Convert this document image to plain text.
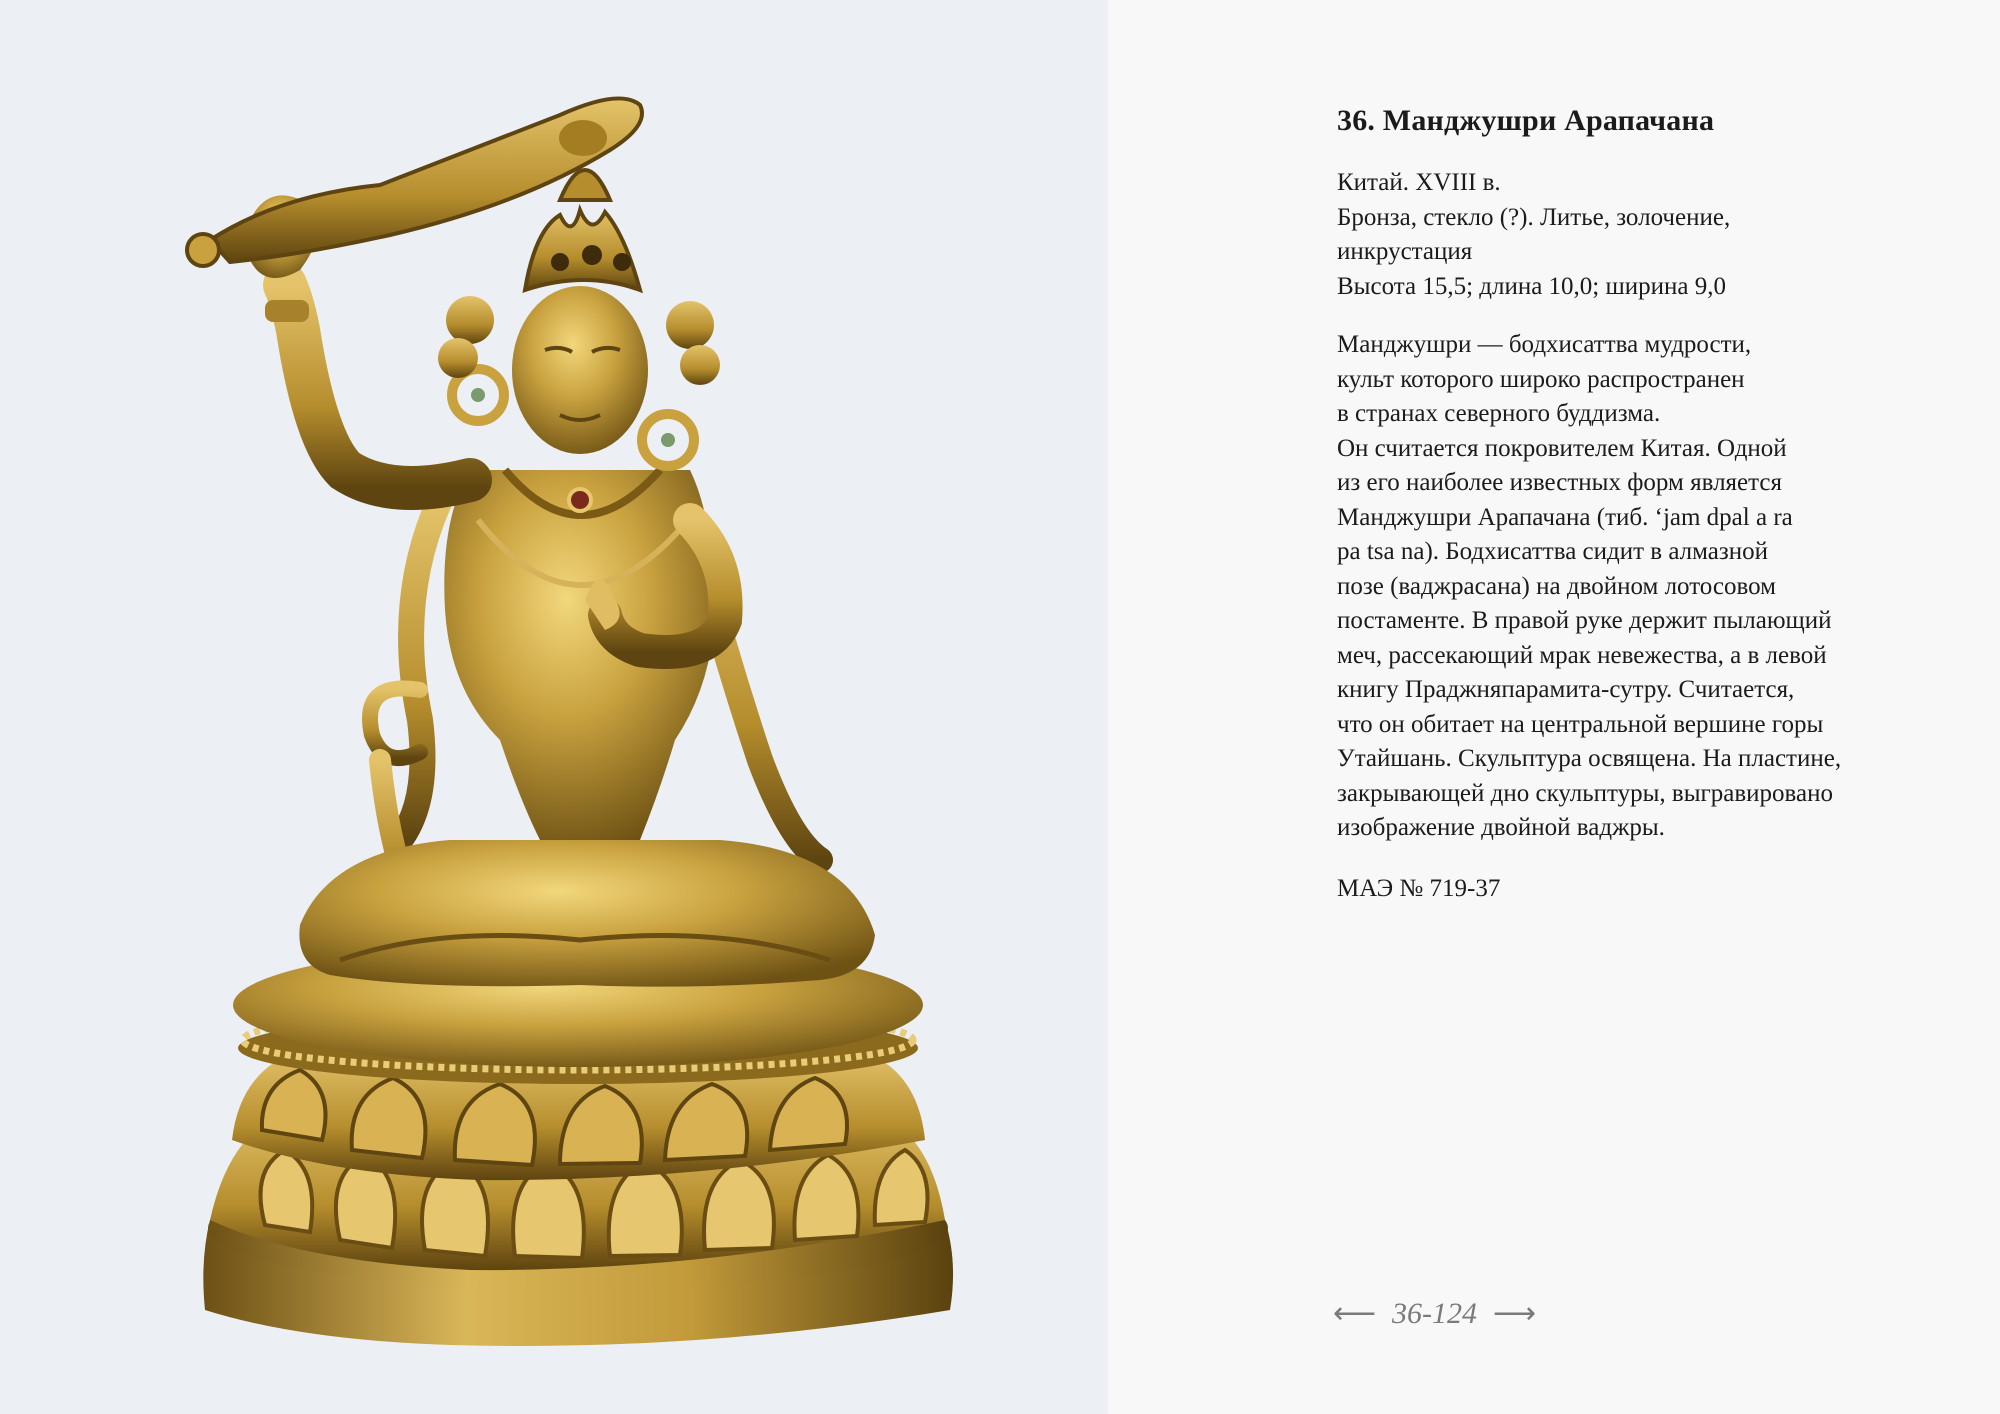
36. Манджушри Арапачана

Китай. XVIII в.

Бронза, стекло (?). Литье, золочение,

инкрустация

Высота 15,5; длина 10,0; ширина 9,0

Манджушри — бодхисаттва мудрости,

культ которого широко распространен

в странах северного буддизма.

Он считается покровителем Китая. Одной

из его наиболее известных форм является

Манджушри Арапачана (тиб. ‘jam dpal a ra

pa tsa na). Бодхисаттва сидит в алмазной

позе (ваджрасана) на двойном лотосовом

постаменте. В правой руке держит пылающий

меч, рассекающий мрак невежества, а в левой

книгу Праджняпарамита-сутру. Считается,

что он обитает на центральной вершине горы

Утайшань. Скульптура освящена. На пластине,

закрывающей дно скульптуры, выгравировано

изображение двойной ваджры.

МАЭ № 719-37

⟵ 36-124 ⟶
